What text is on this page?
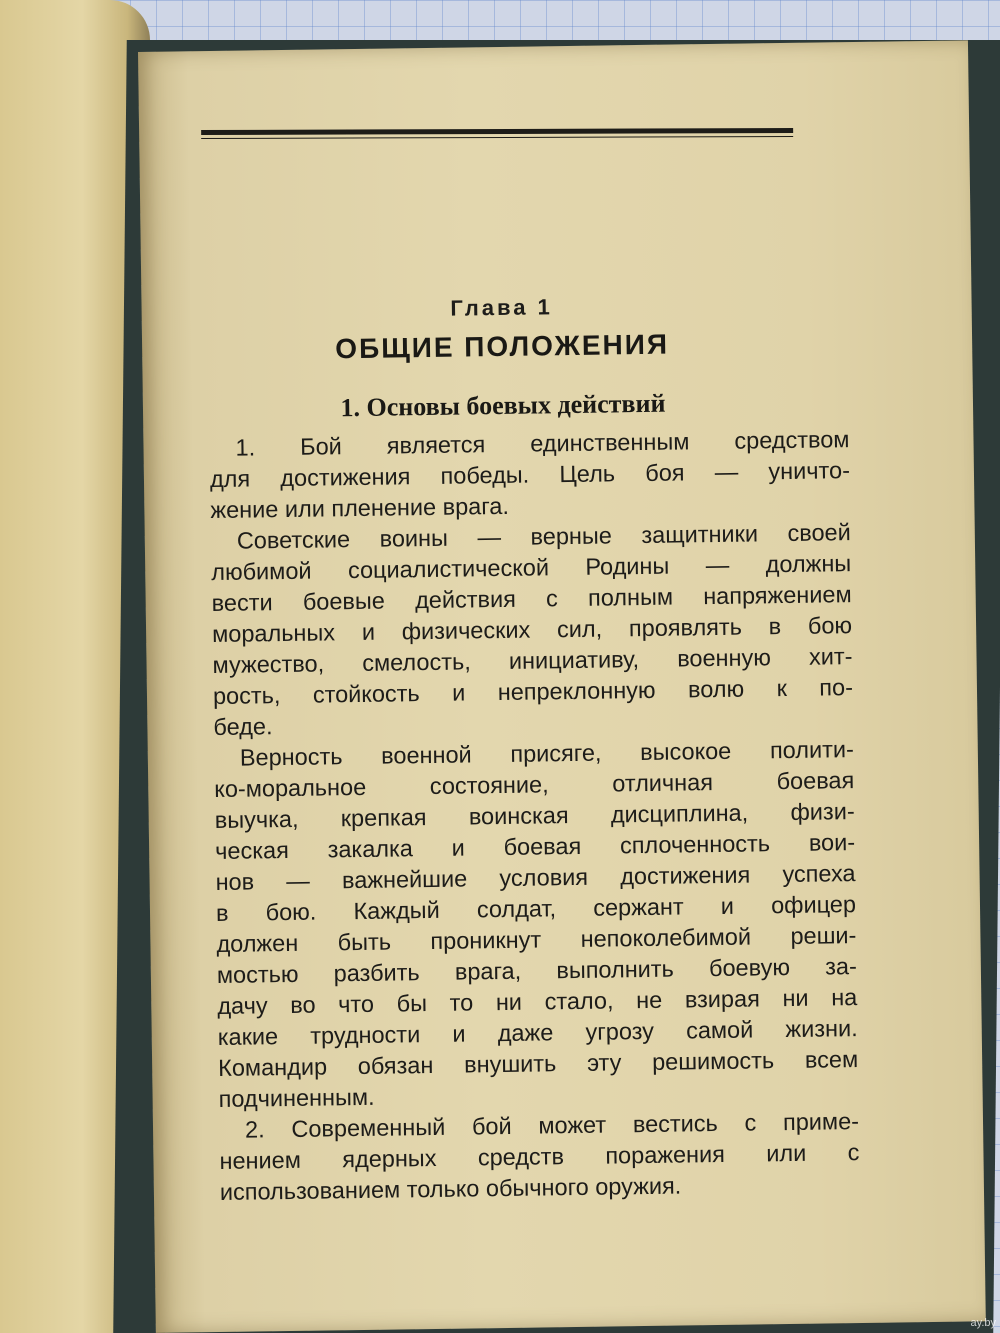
Глава 1
ОБЩИЕ ПОЛОЖЕНИЯ
1. Основы боевых действий
1. Бой является единственным средством
для достижения победы. Цель боя — уничто-
жение или пленение врага.
Советские воины — верные защитники своей
любимой социалистической Родины — должны
вести боевые действия с полным напряжением
моральных и физических сил, проявлять в бою
мужество, смелость, инициативу, военную хит-
рость, стойкость и непреклонную волю к по-
беде.
Верность военной присяге, высокое полити-
ко-моральное состояние, отличная боевая
выучка, крепкая воинская дисциплина, физи-
ческая закалка и боевая сплоченность вои-
нов — важнейшие условия достижения успеха
в бою. Каждый солдат, сержант и офицер
должен быть проникнут непоколебимой реши-
мостью разбить врага, выполнить боевую за-
дачу во что бы то ни стало, не взирая ни на
какие трудности и даже угрозу самой жизни.
Командир обязан внушить эту решимость всем
подчиненным.
2. Современный бой может вестись с приме-
нением ядерных средств поражения или с
использованием только обычного оружия.
ay.by
